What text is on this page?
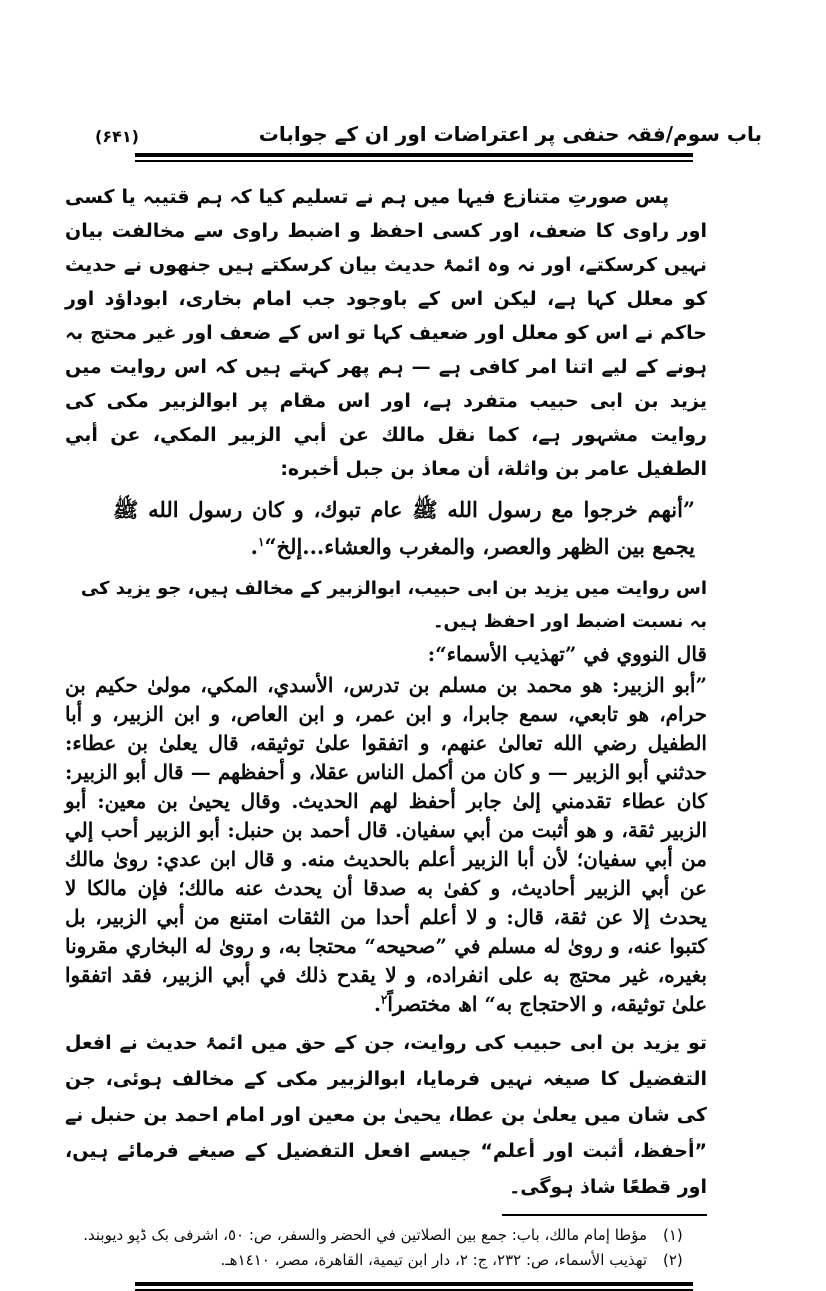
باب سوم/فقہ حنفی پر اعتراضات اور ان کے جوابات
(۶۴۱)

پس صورتِ متنازع فیہا میں ہم نے تسلیم کیا کہ ہم قتیبہ یا کسی اور راوی کا ضعف، اور کسی احفظ و اضبط راوی سے مخالفت بیان نہیں کرسکتے، اور نہ وہ ائمۂ حدیث بیان کرسکتے ہیں جنھوں نے حدیث کو معلل کہا ہے، لیکن اس کے باوجود جب امام بخاری، ابوداؤد اور حاکم نے اس کو معلل اور ضعیف کہا تو اس کے ضعف اور غیر محتج بہ ہونے کے لیے اتنا امر کافی ہے — ہم پھر کہتے ہیں کہ اس روایت میں یزید بن ابی حبیب متفرد ہے، اور اس مقام پر ابوالزبیر مکی کی روایت مشہور ہے، کما نقل مالك عن أبي الزبير المكي، عن أبي الطفيل عامر بن واثلة، أن معاذ بن جبل أخبره:

”أنهم خرجوا مع رسول الله ﷺ عام تبوك، و كان رسول الله ﷺ يجمع بين الظهر والعصر، والمغرب والعشاء...إلخ“$^١$.

اس روایت میں یزید بن ابی حبیب، ابوالزبیر کے مخالف ہیں، جو یزید کی بہ نسبت اضبط اور احفظ ہیں۔

قال النووي في ”تهذيب الأسماء“:

”أبو الزبير: هو محمد بن مسلم بن تدرس، الأسدي، المكي، مولىٰ حكيم بن حرام، هو تابعي، سمع جابرا، و ابن عمر، و ابن العاص، و ابن الزبير، و أبا الطفيل رضي الله تعالىٰ عنهم، و اتفقوا علىٰ توثيقه، قال يعلىٰ بن عطاء: حدثني أبو الزبير — و كان من أكمل الناس عقلا، و أحفظهم — قال أبو الزبير: كان عطاء تقدمني إلىٰ جابر أحفظ لهم الحديث. وقال يحيىٰ بن معين: أبو الزبير ثقة، و هو أثبت من أبي سفيان. قال أحمد بن حنبل: أبو الزبير أحب إلي من أبي سفيان؛ لأن أبا الزبير أعلم بالحديث منه. و قال ابن عدي: روىٰ مالك عن أبي الزبير أحاديث، و كفىٰ به صدقا أن يحدث عنه مالك؛ فإن مالكا لا يحدث إلا عن ثقة، قال: و لا أعلم أحدا من الثقات امتنع من أبي الزبير، بل كتبوا عنه، و روىٰ له مسلم في ”صحيحه“ محتجا به، و روىٰ له البخاري مقرونا بغيره، غير محتج به على انفراده، و لا يقدح ذلك في أبي الزبير، فقد اتفقوا علىٰ توثيقه، و الاحتجاج به“ اھ مختصراً$^٢$.

تو یزید بن ابی حبیب کی روایت، جن کے حق میں ائمۂ حدیث نے افعل التفضیل کا صیغہ نہیں فرمایا، ابوالزبیر مکی کے مخالف ہوئی، جن کی شان میں یعلیٰ بن عطا، یحییٰ بن معین اور امام احمد بن حنبل نے ”أحفظ، أثبت اور أعلم“ جیسے افعل التفضیل کے صیغے فرمائے ہیں، اور قطعًا شاذ ہوگی۔

(١)
مؤطا إمام مالك، باب: جمع بين الصلاتين في الحضر والسفر، ص: ٥٠، اشرفی بک ڈپو دیوبند.
(٢)
تهذيب الأسماء، ص: ٢٣٢، ج: ٢، دار ابن تيمية، القاهرة، مصر، ١٤١٠هـ.
